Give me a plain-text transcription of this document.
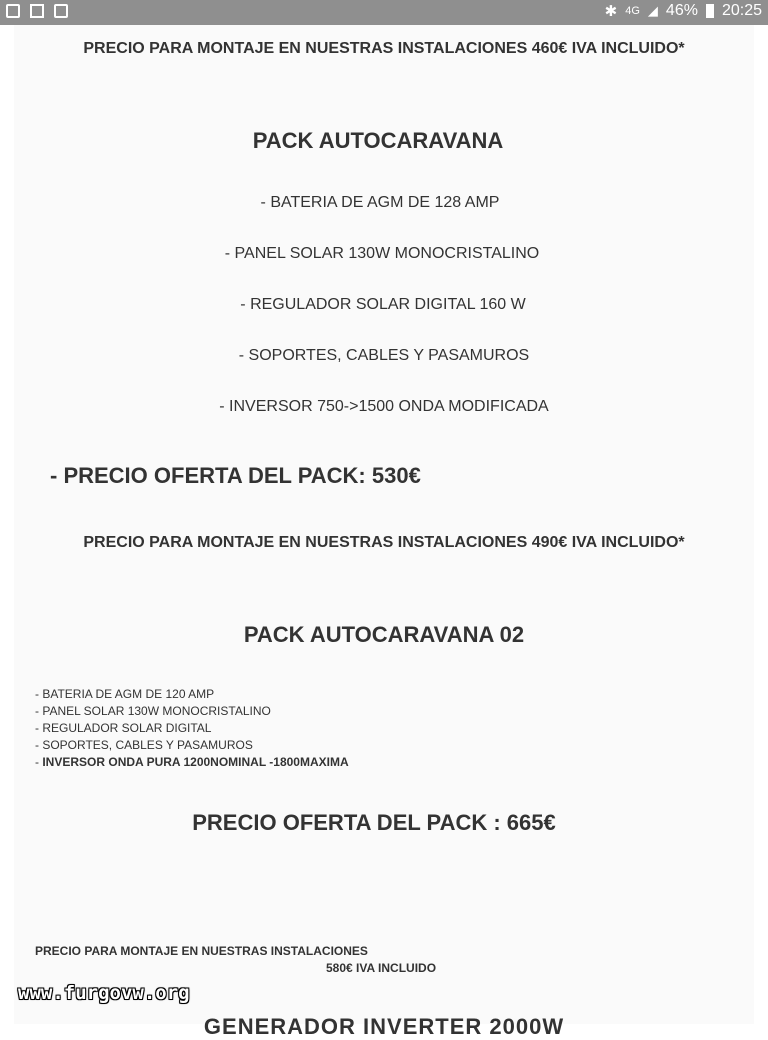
✱ 4G ◢ 46% 20:25
PRECIO PARA MONTAJE EN NUESTRAS INSTALACIONES 460€ IVA INCLUIDO*
PACK AUTOCARAVANA
- BATERIA DE AGM DE 128 AMP
- PANEL SOLAR 130W MONOCRISTALINO
- REGULADOR SOLAR DIGITAL 160 W
- SOPORTES, CABLES Y PASAMUROS
- INVERSOR 750->1500 ONDA MODIFICADA
- PRECIO OFERTA DEL PACK: 530€
PRECIO PARA MONTAJE EN NUESTRAS INSTALACIONES 490€ IVA INCLUIDO*
PACK AUTOCARAVANA 02
- BATERIA DE AGM DE 120 AMP
- PANEL SOLAR 130W MONOCRISTALINO
- REGULADOR SOLAR DIGITAL
- SOPORTES, CABLES Y PASAMUROS
- INVERSOR ONDA PURA 1200NOMINAL -1800MAXIMA
PRECIO OFERTA DEL PACK : 665€
PRECIO PARA MONTAJE EN NUESTRAS INSTALACIONES
580€ IVA INCLUIDO
www.furgovw.org
GENERADOR INVERTER 2000W
